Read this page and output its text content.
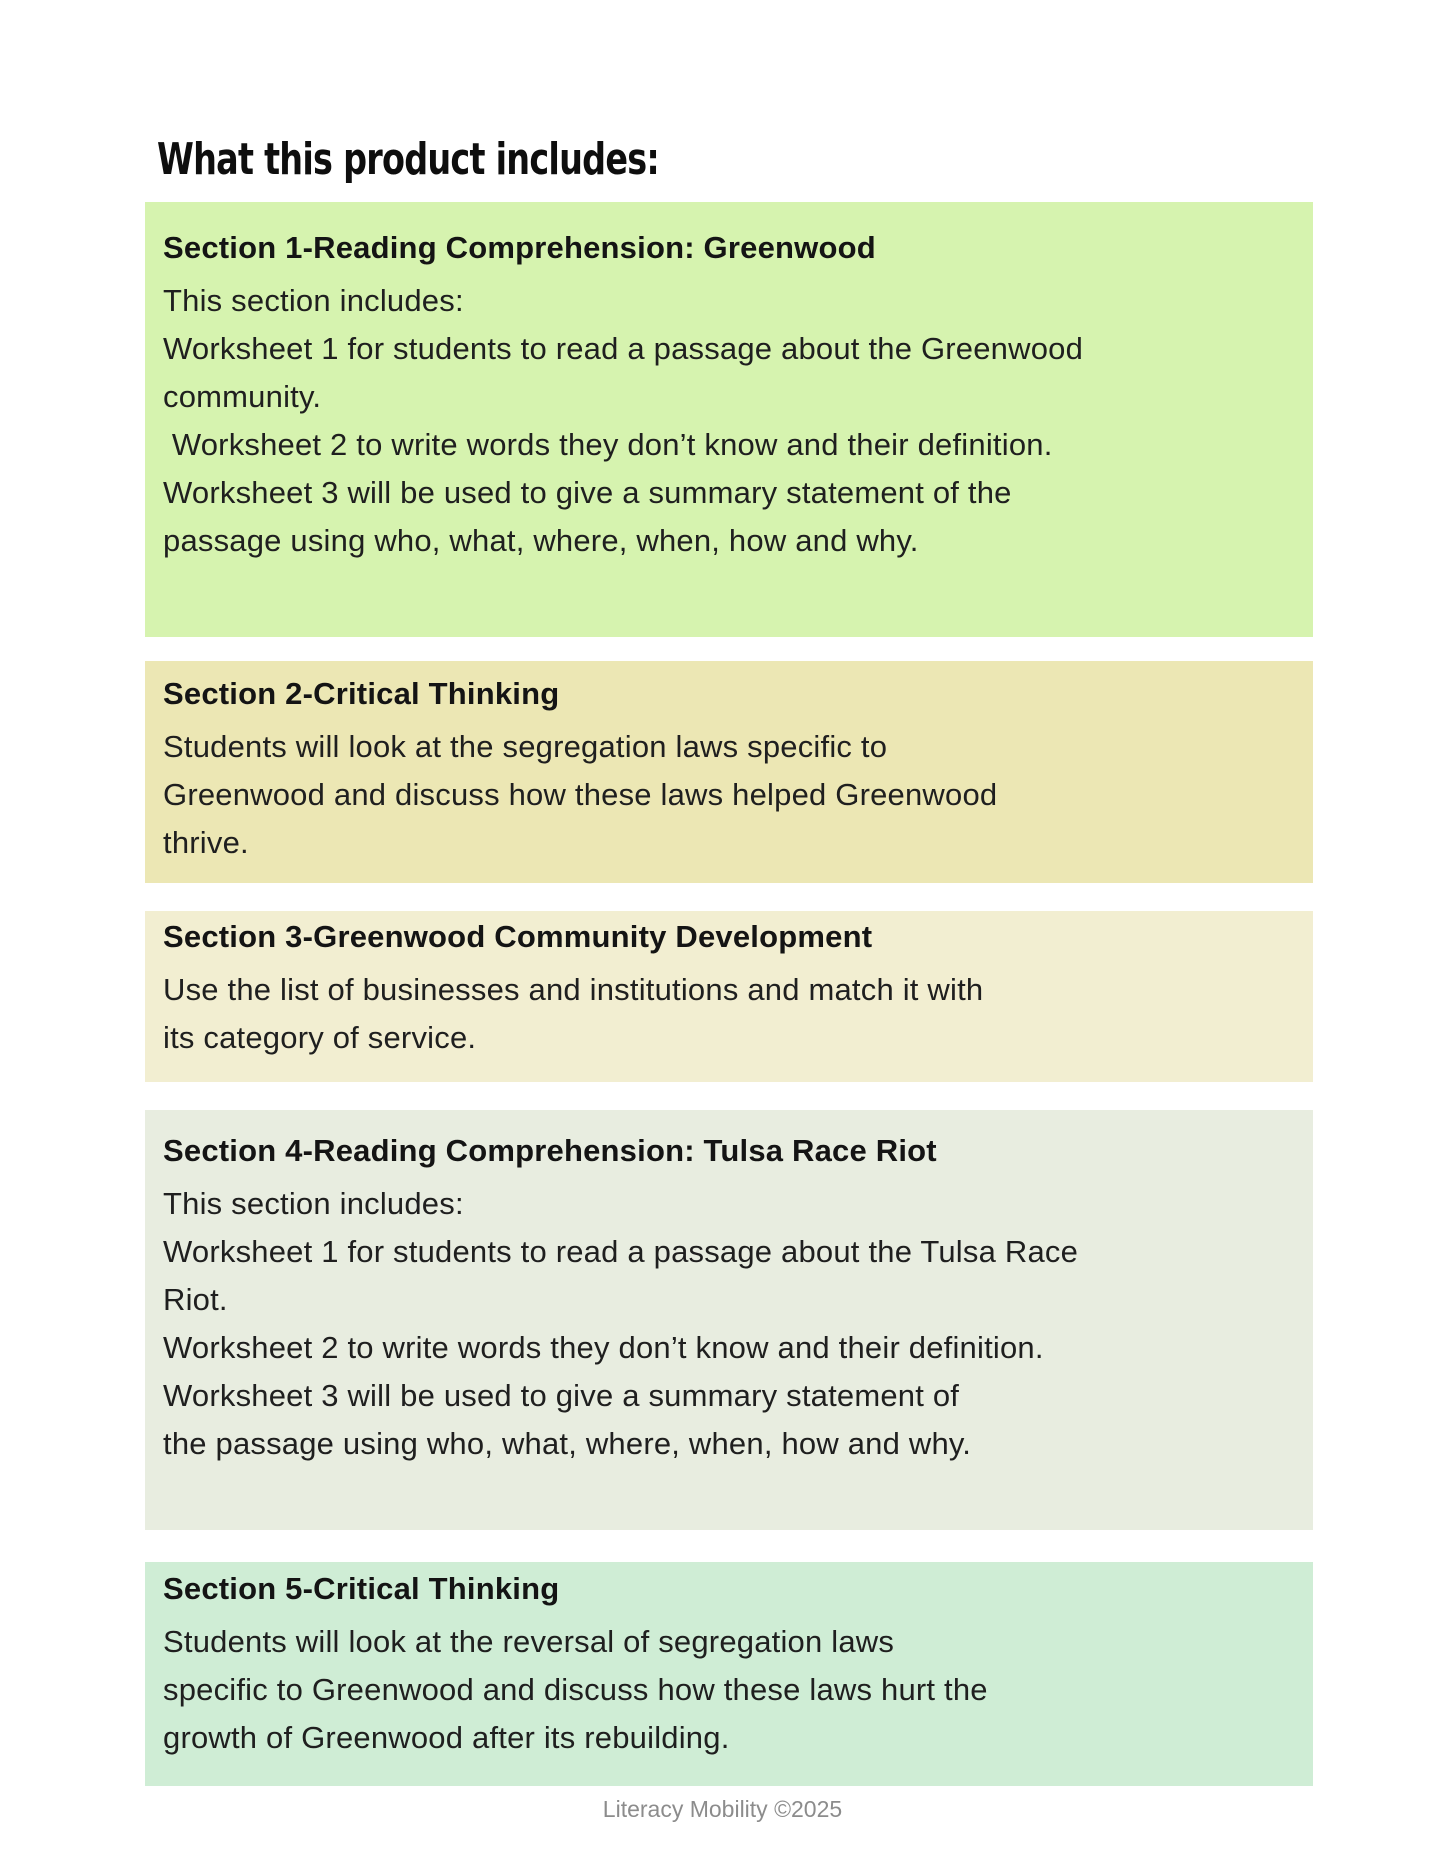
What this product includes:
Section 1-Reading Comprehension: Greenwood
This section includes:
Worksheet 1 for students to read a passage about the Greenwood
community.
Worksheet 2 to write words they don’t know and their definition.
Worksheet 3 will be used to give a summary statement of the
passage using who, what, where, when, how and why.
Section 2-Critical Thinking
Students will look at the segregation laws specific to
Greenwood and discuss how these laws helped Greenwood
thrive.
Section 3-Greenwood Community Development
Use the list of businesses and institutions and match it with
its category of service.
Section 4-Reading Comprehension: Tulsa Race Riot
This section includes:
Worksheet 1 for students to read a passage about the Tulsa Race
Riot.
Worksheet 2 to write words they don’t know and their definition.
Worksheet 3 will be used to give a summary statement of
the passage using who, what, where, when, how and why.
Section 5-Critical Thinking
Students will look at the reversal of segregation laws
specific to Greenwood and discuss how these laws hurt the
growth of Greenwood after its rebuilding.
Literacy Mobility ©2025
